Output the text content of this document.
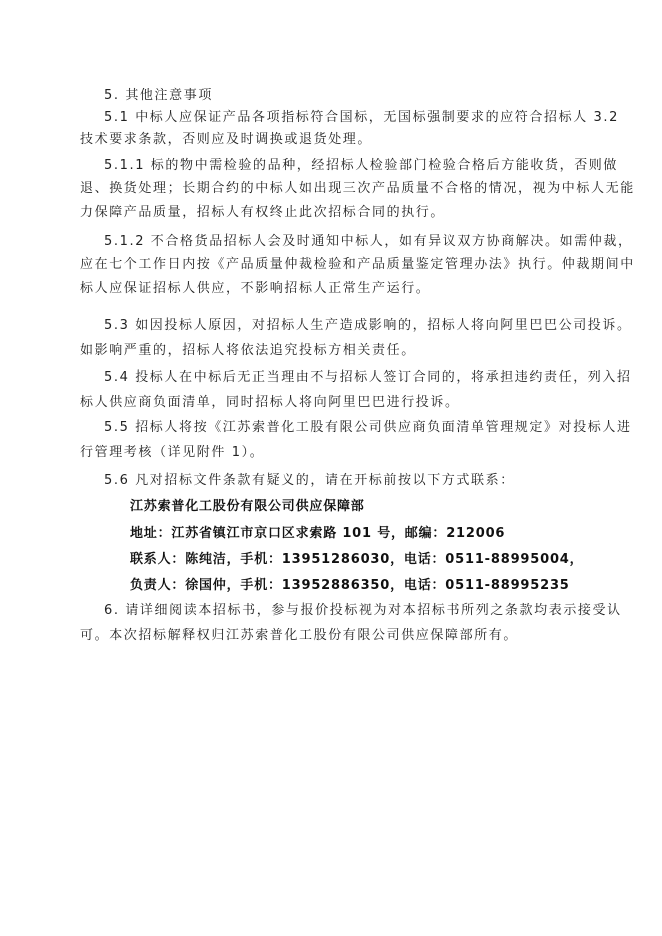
5. 其他注意事项
5.1 中标人应保证产品各项指标符合国标，无国标强制要求的应符合招标人 3.2
技术要求条款，否则应及时调换或退货处理。
5.1.1 标的物中需检验的品种，经招标人检验部门检验合格后方能收货，否则做
退、换货处理；长期合约的中标人如出现三次产品质量不合格的情况，视为中标人无能
力保障产品质量，招标人有权终止此次招标合同的执行。
5.1.2 不合格货品招标人会及时通知中标人，如有异议双方协商解决。如需仲裁，
应在七个工作日内按《产品质量仲裁检验和产品质量鉴定管理办法》执行。仲裁期间中
标人应保证招标人供应，不影响招标人正常生产运行。
5.3 如因投标人原因，对招标人生产造成影响的，招标人将向阿里巴巴公司投诉。
如影响严重的，招标人将依法追究投标方相关责任。
5.4 投标人在中标后无正当理由不与招标人签订合同的，将承担违约责任，列入招
标人供应商负面清单，同时招标人将向阿里巴巴进行投诉。
5.5 招标人将按《江苏索普化工股有限公司供应商负面清单管理规定》对投标人进
行管理考核（详见附件 1）。
5.6 凡对招标文件条款有疑义的，请在开标前按以下方式联系：
江苏索普化工股份有限公司供应保障部
地址：江苏省镇江市京口区求索路 101 号，邮编：212006
联系人：陈纯洁，手机：13951286030，电话：0511-88995004，
负责人：徐国仲，手机：13952886350，电话：0511-88995235
6. 请详细阅读本招标书，参与报价投标视为对本招标书所列之条款均表示接受认
可。本次招标解释权归江苏索普化工股份有限公司供应保障部所有。
